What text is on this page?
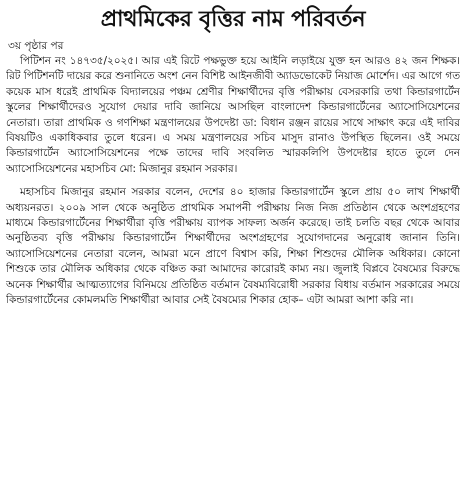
প্রাথমিকের বৃত্তির নাম পরিবর্তন
৩য় পৃষ্ঠার পর

পিটিশন নং ১৪৭৩৫/২০২৫। আর এই রিটে পক্ষভুক্ত হয়ে আইনি লড়াইয়ে যুক্ত হন আরও ৪২ জন শিক্ষক। রিট পিটিশনটি দায়ের করে শুনানিতে অংশ নেন বিশিষ্ট আইনজীবী অ্যাডভোকেট নিয়াজ মোর্শেদ। এর আগে গত কয়েক মাস ধরেই প্রাথমিক বিদ্যালয়ের পঞ্চম শ্রেণীর শিক্ষার্থীদের বৃত্তি পরীক্ষায় বেসরকারি তথা কিন্ডারগার্টেন স্কুলের শিক্ষার্থীদেরও সুযোগ দেয়ার দাবি জানিয়ে আসছিল বাংলাদেশ কিন্ডারগার্টেনের অ্যাসোসিয়েশনের নেতারা। তারা প্রাথমিক ও গণশিক্ষা মন্ত্রণালয়ের উপদেষ্টা ডা: বিধান রঞ্জন রায়ের সাথে সাক্ষাৎ করে এই দাবির বিষয়টিও একাধিকবার তুলে ধরেন। এ সময় মন্ত্রণালয়ের সচিব মাসুদ রানাও উপস্থিত ছিলেন। ওই সময়ে কিন্ডারগার্টেন অ্যাসোসিয়েশনের পক্ষে তাদের দাবি সংবলিত স্মারকলিপি উপদেষ্টার হাতে তুলে দেন অ্যাসোসিয়েশনের মহাসচিব মো: মিজানুর রহমান সরকার।

মহাসচিব মিজানুর রহমান সরকার বলেন, দেশের ৪০ হাজার কিন্ডারগার্টেন স্কুলে প্রায় ৫০ লাখ শিক্ষার্থী অধ্যয়নরত। ২০০৯ সাল থেকে অনুষ্ঠিত প্রাথমিক সমাপনী পরীক্ষায় নিজ নিজ প্রতিষ্ঠান থেকে অংশগ্রহণের মাধ্যমে কিন্ডারগার্টেনের শিক্ষার্থীরা বৃত্তি পরীক্ষায় ব্যাপক সাফল্য অর্জন করেছে। তাই চলতি বছর থেকে আবার অনুষ্ঠিতব্য বৃত্তি পরীক্ষায় কিন্ডারগার্টেন শিক্ষার্থীদের অংশগ্রহণের সুযোগদানের অনুরোধ জানান তিনি। অ্যাসোসিয়েশনের নেতারা বলেন, আমরা মনে প্রাণে বিশ্বাস করি, শিক্ষা শিশুদের মৌলিক অধিকার। কোনো শিশুকে তার মৌলিক অধিকার থেকে বঞ্চিত করা আমাদের কারোরই কাম্য নয়। জুলাই বিপ্লবে বৈষম্যের বিরুদ্ধে অনেক শিক্ষার্থীর আত্মত্যাগের বিনিময়ে প্রতিষ্ঠিত বর্তমান বৈষম্যবিরোধী সরকার বিধায় বর্তমান সরকারের সময়ে কিন্ডারগার্টেনের কোমলমতি শিক্ষার্থীরা আবার সেই বৈষম্যের শিকার হোক– এটা আমরা আশা করি না।
